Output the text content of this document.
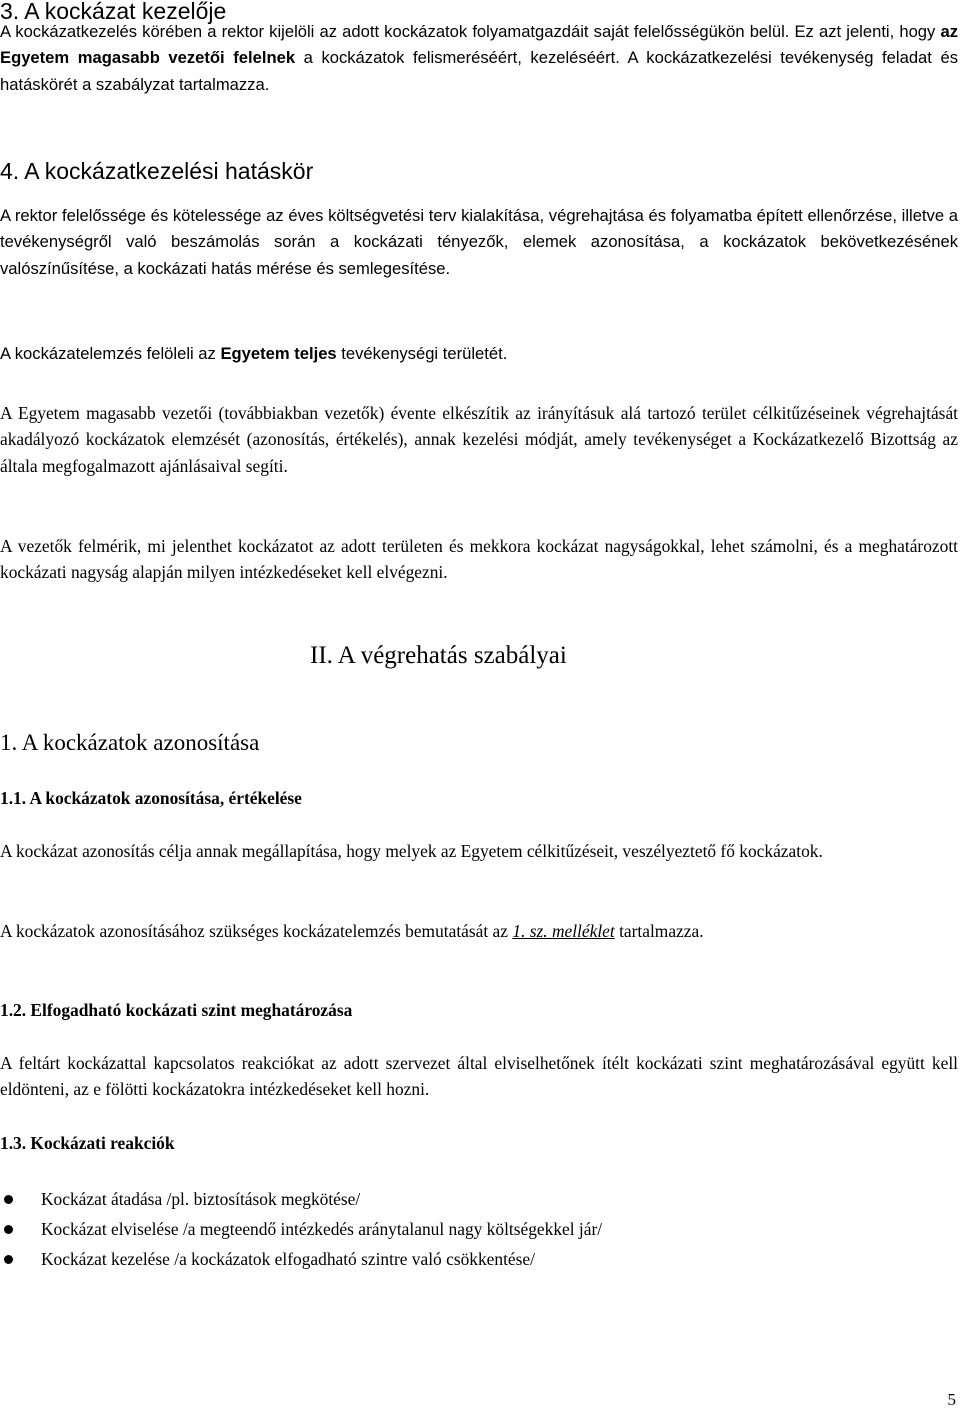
3. A kockázat kezelője

A kockázatkezelés körében a rektor kijelöli az adott kockázatok folyamatgazdáit saját felelősségükön belül. Ez azt jelenti, hogy az Egyetem magasabb vezetői felelnek a kockázatok felismeréséért, kezeléséért. A kockázatkezelési tevékenység feladat és hatáskörét a szabályzat tartalmazza.

4. A kockázatkezelési hatáskör

A rektor felelőssége és kötelessége az éves költségvetési terv kialakítása, végrehajtása és folyamatba épített ellenőrzése, illetve a tevékenységről való beszámolás során a kockázati tényezők, elemek azonosítása, a kockázatok bekövetkezésének valószínűsítése, a kockázati hatás mérése és semlegesítése.

A kockázatelemzés felöleli az Egyetem teljes tevékenységi területét.

A Egyetem magasabb vezetői (továbbiakban vezetők) évente elkészítik az irányításuk alá tartozó terület célkitűzéseinek végrehajtását akadályozó kockázatok elemzését (azonosítás, értékelés), annak kezelési módját, amely tevékenységet a Kockázatkezelő Bizottság az általa megfogalmazott ajánlásaival segíti.

A vezetők felmérik, mi jelenthet kockázatot az adott területen és mekkora kockázat nagyságokkal, lehet számolni, és a meghatározott kockázati nagyság alapján milyen intézkedéseket kell elvégezni.

II. A végrehatás szabályai
1. A kockázatok azonosítása
1.1. A kockázatok azonosítása, értékelése

A kockázat azonosítás célja annak megállapítása, hogy melyek az Egyetem célkitűzéseit, veszélyeztető fő kockázatok.

A kockázatok azonosításához szükséges kockázatelemzés bemutatását az 1. sz. melléklet tartalmazza.

1.2. Elfogadható kockázati szint meghatározása

A feltárt kockázattal kapcsolatos reakciókat az adott szervezet által elviselhetőnek ítélt kockázati szint meghatározásával együtt kell eldönteni, az e fölötti kockázatokra intézkedéseket kell hozni.

1.3. Kockázati reakciók
Kockázat átadása /pl. biztosítások megkötése/
Kockázat elviselése /a megteendő intézkedés aránytalanul nagy költségekkel jár/
Kockázat kezelése /a kockázatok elfogadható szintre való csökkentése/
5
